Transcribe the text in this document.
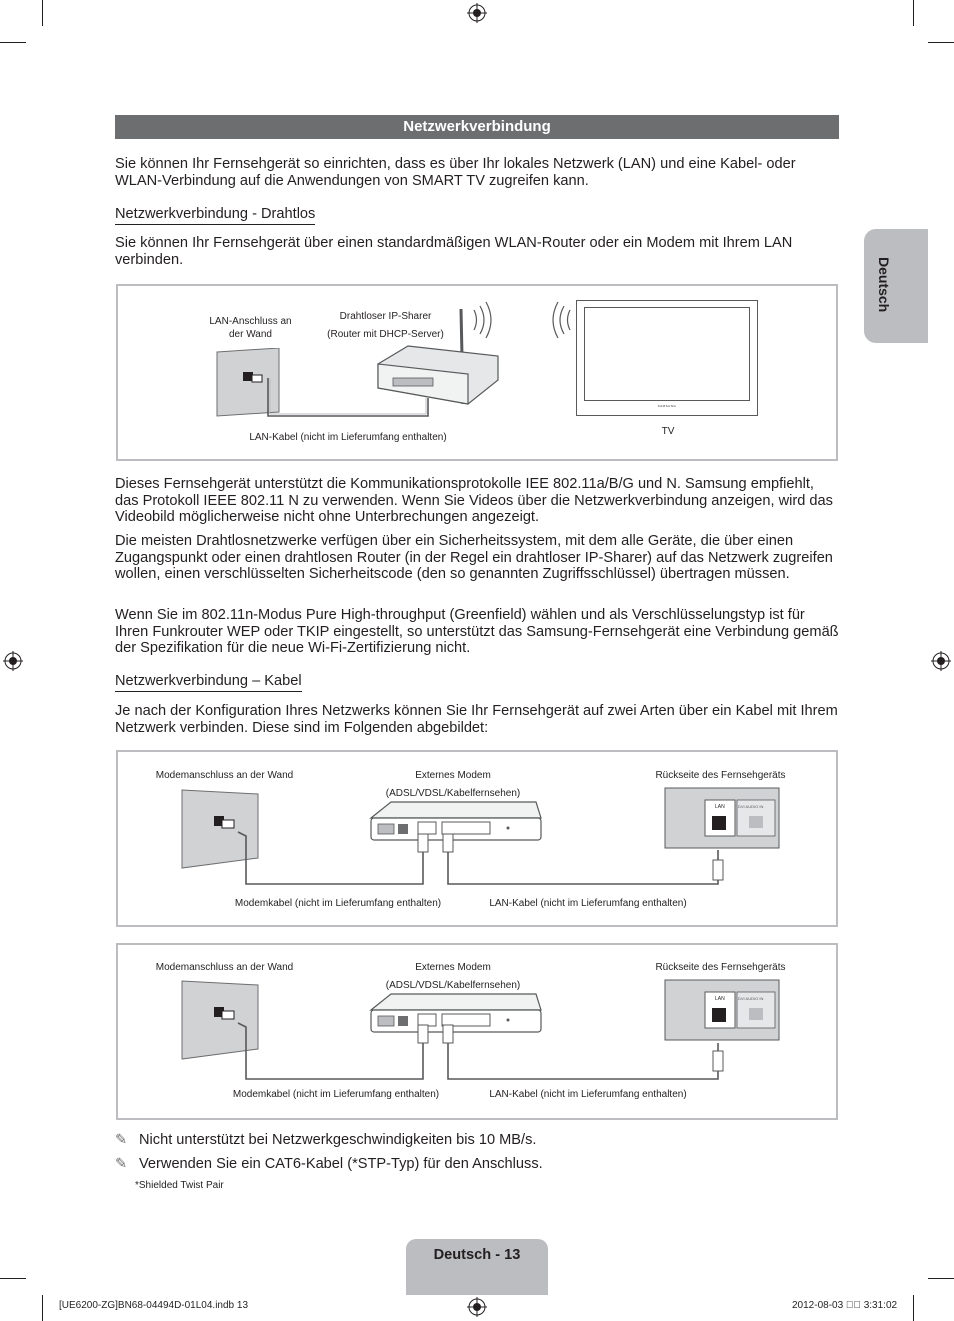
Netzwerkverbindung

Sie können Ihr Fernsehgerät so einrichten, dass es über Ihr lokales Netzwerk (LAN) und eine Kabel- oder WLAN-Verbindung auf die Anwendungen von SMART TV zugreifen kann.

Deutsch
Netzwerkverbindung - Drahtlos

Sie können Ihr Fernsehgerät über einen standardmäßigen WLAN-Router oder ein Modem mit Ihrem LAN verbinden.

LAN-Anschluss an
der Wand
Drahtloser IP-Sharer
(Router mit DHCP-Server)
LAN-Kabel (nicht im Lieferumfang enthalten)
SAMSUNG
TV

Dieses Fernsehgerät unterstützt die Kommunikationsprotokolle IEE 802.11a/B/G und N. Samsung empfiehlt, das Protokoll IEEE 802.11 N zu verwenden. Wenn Sie Videos über die Netzwerkverbindung anzeigen, wird das Videobild möglicherweise nicht ohne Unterbrechungen angezeigt.

Die meisten Drahtlosnetzwerke verfügen über ein Sicherheitssystem, mit dem alle Geräte, die über einen Zugangspunkt oder einen drahtlosen Router (in der Regel ein drahtloser IP-Sharer) auf das Netzwerk zugreifen wollen, einen verschlüsselten Sicherheitscode (den so genannten Zugriffsschlüssel) übertragen müssen.

Wenn Sie im 802.11n-Modus Pure High-throughput (Greenfield) wählen und als Verschlüsselungstyp ist für Ihren Funkrouter WEP oder TKIP eingestellt, so unterstützt das Samsung-Fernsehgerät eine Verbindung gemäß der Spezifikation für die neue Wi-Fi-Zertifizierung nicht.

Netzwerkverbindung – Kabel

Je nach der Konfiguration Ihres Netzwerks können Sie Ihr Fernsehgerät auf zwei Arten über ein Kabel mit Ihrem Netzwerk verbinden. Diese sind im Folgenden abgebildet:

Modemanschluss an der Wand	Externes Modem
(ADSL/VDSL/Kabelfernsehen)
Rückseite des Fernsehgeräts
LAN	DVI AUDIO IN
Modemkabel (nicht im Lieferumfang enthalten)	LAN-Kabel (nicht im Lieferumfang enthalten)
Modemanschluss an der Wand	Externes Modem
(ADSL/VDSL/Kabelfernsehen)
Rückseite des Fernsehgeräts
LAN	DVI AUDIO IN
Modemkabel (nicht im Lieferumfang enthalten)	LAN-Kabel (nicht im Lieferumfang enthalten)
✎ Nicht unterstützt bei Netzwerkgeschwindigkeiten bis 10 MB/s.
✎ Verwenden Sie ein CAT6-Kabel (*STP-Typ) für den Anschluss.
*Shielded Twist Pair
Deutsch - 13
[UE6200-ZG]BN68-04494D-01L04.indb 13	2012-08-03 ￿￿ 3:31:02
